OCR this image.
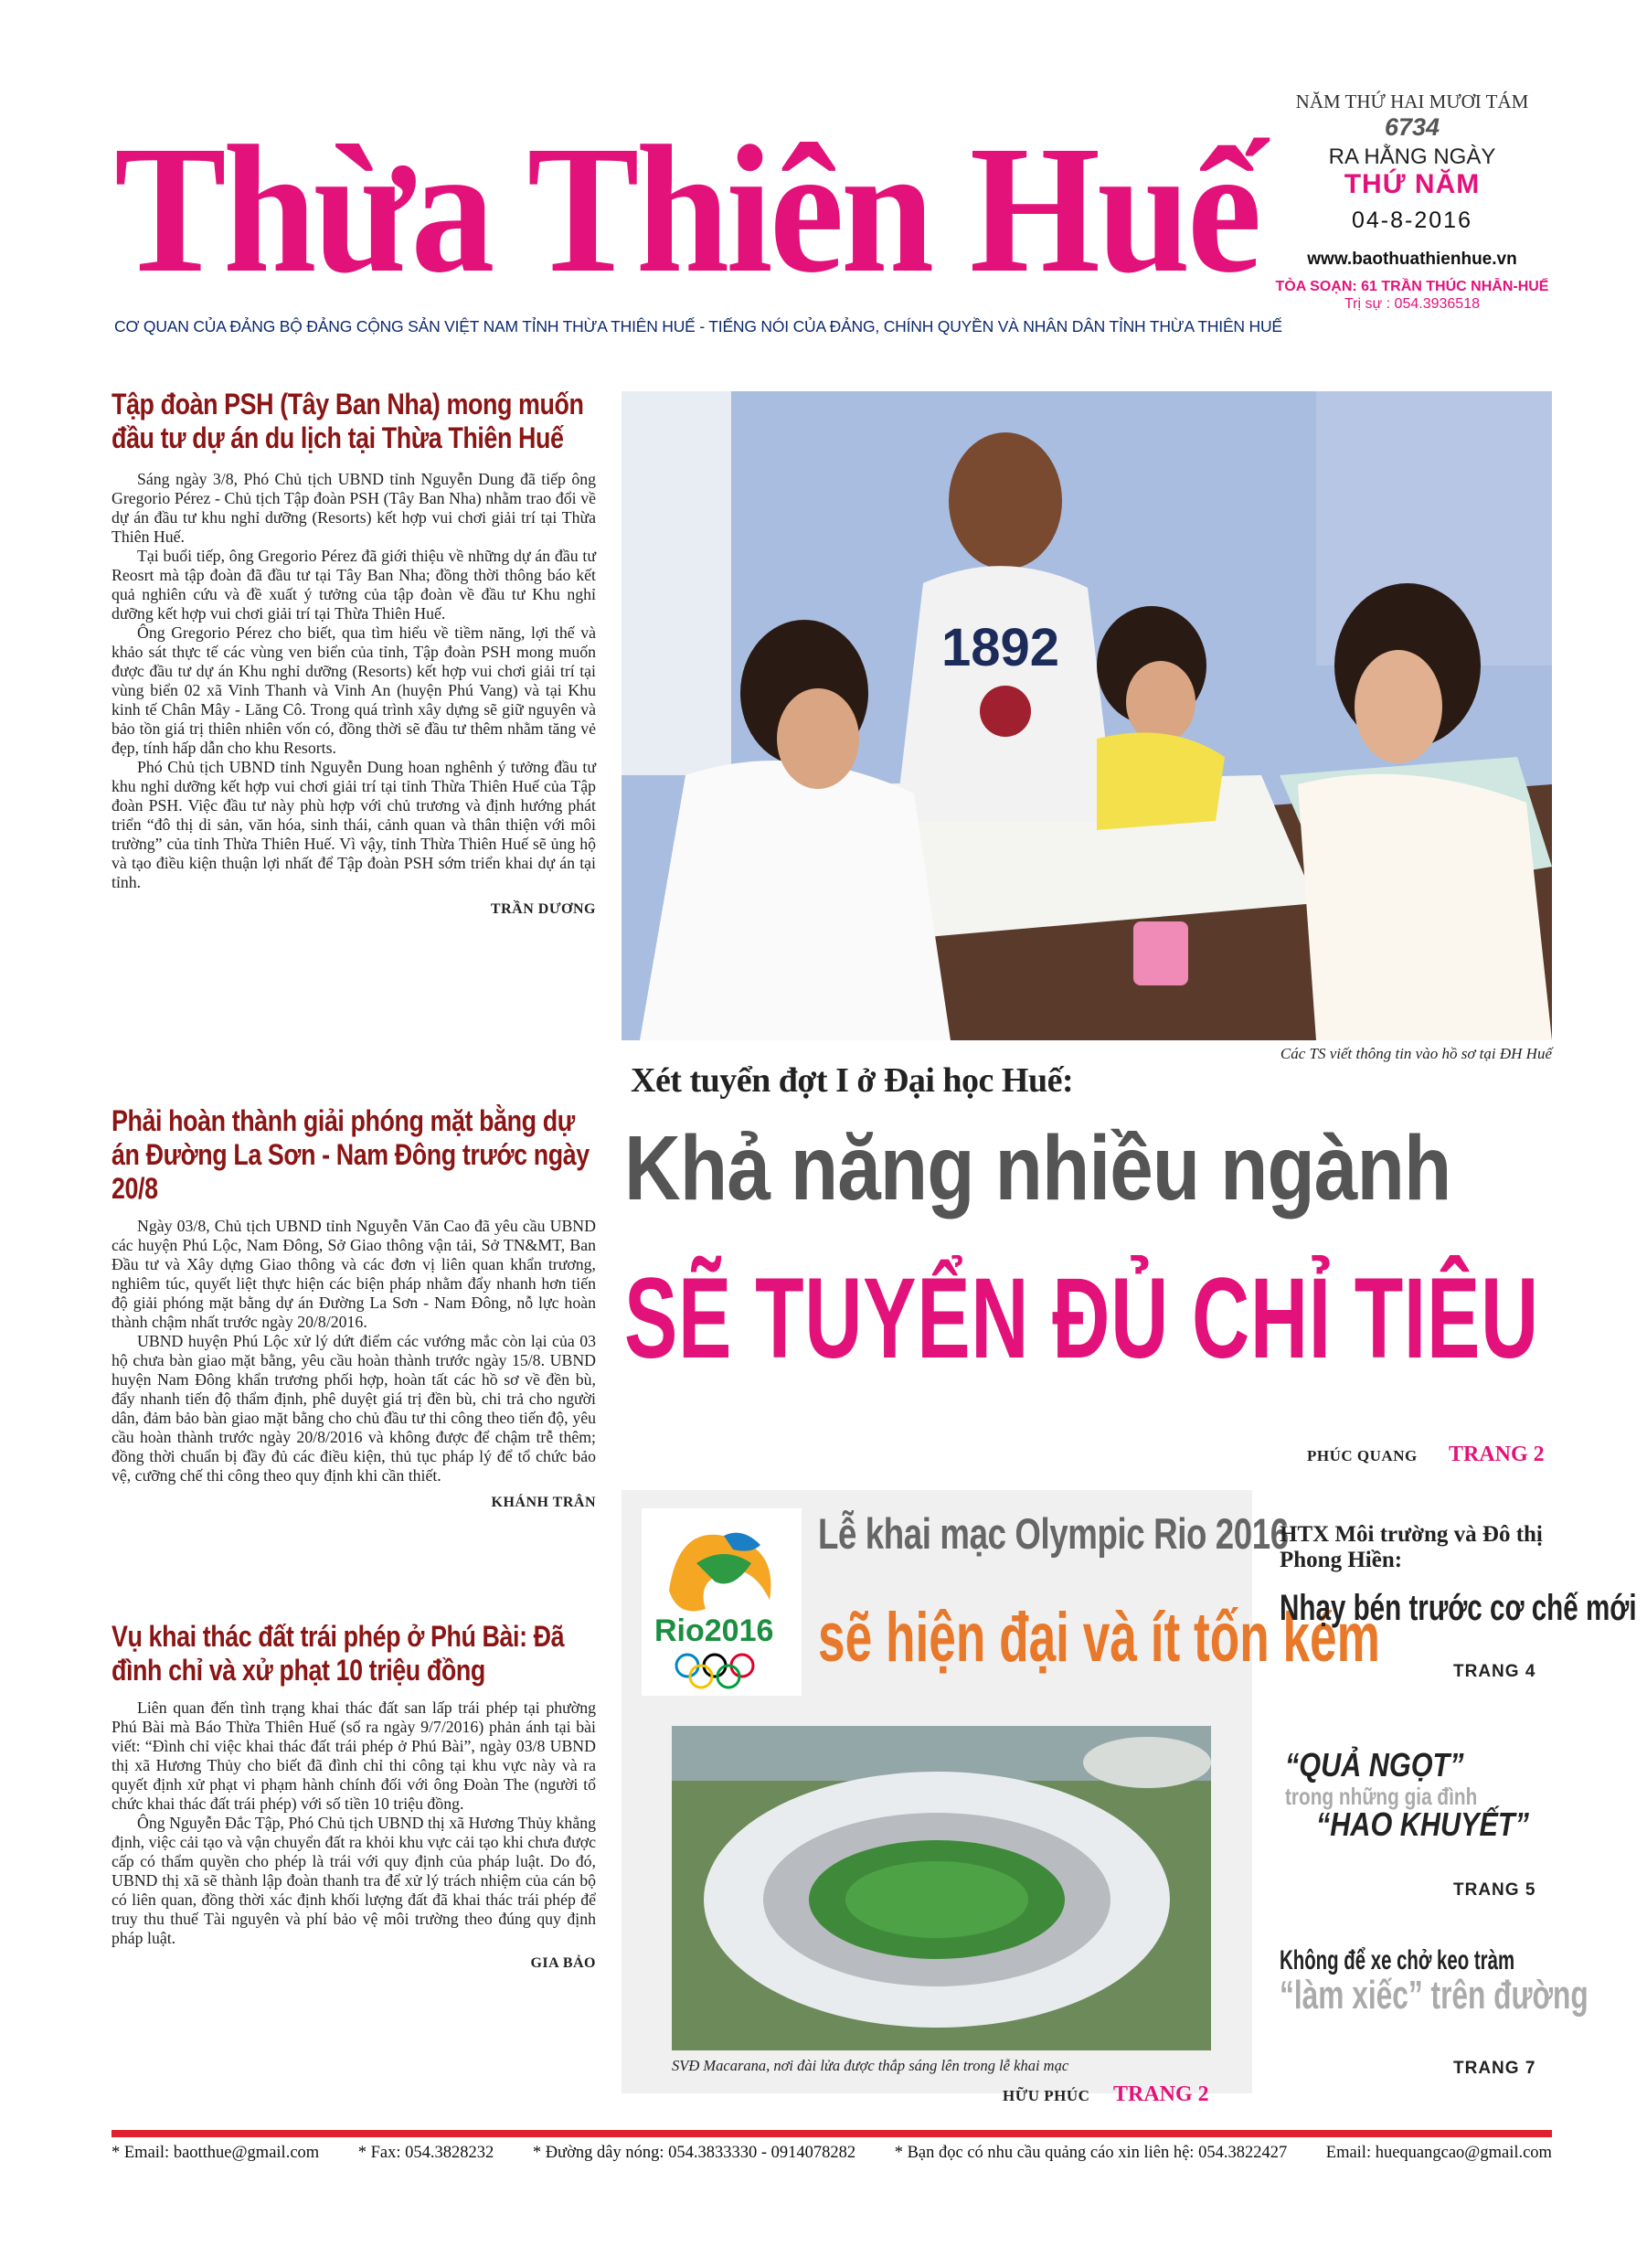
Thừa Thiên Huế
CƠ QUAN CỦA ĐẢNG BỘ ĐẢNG CỘNG SẢN VIỆT NAM TỈNH THỪA THIÊN HUẾ - TIẾNG NÓI CỦA ĐẢNG, CHÍNH QUYỀN VÀ NHÂN DÂN TỈNH THỪA THIÊN HUẾ
NĂM THỨ HAI MƯƠI TÁM
6734
RA HẰNG NGÀY
THỨ NĂM
04-8-2016
www.baothuathienhue.vn
TÒA SOẠN: 61 TRẦN THÚC NHẪN-HUẾ
Trị sự : 054.3936518
Tập đoàn PSH (Tây Ban Nha) mong muốn đầu tư dự án du lịch tại Thừa Thiên Huế

Sáng ngày 3/8, Phó Chủ tịch UBND tỉnh Nguyễn Dung đã tiếp ông Gregorio Pérez - Chủ tịch Tập đoàn PSH (Tây Ban Nha) nhằm trao đổi về dự án đầu tư khu nghỉ dưỡng (Resorts) kết hợp vui chơi giải trí tại Thừa Thiên Huế.

Tại buổi tiếp, ông Gregorio Pérez đã giới thiệu về những dự án đầu tư Reosrt mà tập đoàn đã đầu tư tại Tây Ban Nha; đồng thời thông báo kết quả nghiên cứu và đề xuất ý tưởng của tập đoàn về đầu tư Khu nghỉ dưỡng kết hợp vui chơi giải trí tại Thừa Thiên Huế.

Ông Gregorio Pérez cho biết, qua tìm hiểu về tiềm năng, lợi thế và khảo sát thực tế các vùng ven biển của tỉnh, Tập đoàn PSH mong muốn được đầu tư dự án Khu nghỉ dưỡng (Resorts) kết hợp vui chơi giải trí tại vùng biển 02 xã Vinh Thanh và Vinh An (huyện Phú Vang) và tại Khu kinh tế Chân Mây - Lăng Cô. Trong quá trình xây dựng sẽ giữ nguyên và bảo tồn giá trị thiên nhiên vốn có, đồng thời sẽ đầu tư thêm nhằm tăng vẻ đẹp, tính hấp dẫn cho khu Resorts.

Phó Chủ tịch UBND tỉnh Nguyễn Dung hoan nghênh ý tưởng đầu tư khu nghỉ dưỡng kết hợp vui chơi giải trí tại tỉnh Thừa Thiên Huế của Tập đoàn PSH. Việc đầu tư này phù hợp với chủ trương và định hướng phát triển “đô thị di sản, văn hóa, sinh thái, cảnh quan và thân thiện với môi trường” của tỉnh Thừa Thiên Huế. Vì vậy, tỉnh Thừa Thiên Huế sẽ ủng hộ và tạo điều kiện thuận lợi nhất để Tập đoàn PSH sớm triển khai dự án tại tỉnh.

TRẦN DƯƠNG
Phải hoàn thành giải phóng mặt bằng dự án Đường La Sơn - Nam Đông trước ngày 20/8

Ngày 03/8, Chủ tịch UBND tỉnh Nguyễn Văn Cao đã yêu cầu UBND các huyện Phú Lộc, Nam Đông, Sở Giao thông vận tải, Sở TN&MT, Ban Đầu tư và Xây dựng Giao thông và các đơn vị liên quan khẩn trương, nghiêm túc, quyết liệt thực hiện các biện pháp nhằm đẩy nhanh hơn tiến độ giải phóng mặt bằng dự án Đường La Sơn - Nam Đông, nỗ lực hoàn thành chậm nhất trước ngày 20/8/2016.

UBND huyện Phú Lộc xử lý dứt điểm các vướng mắc còn lại của 03 hộ chưa bàn giao mặt bằng, yêu cầu hoàn thành trước ngày 15/8. UBND huyện Nam Đông khẩn trương phối hợp, hoàn tất các hồ sơ về đền bù, đẩy nhanh tiến độ thẩm định, phê duyệt giá trị đền bù, chi trả cho người dân, đảm bảo bàn giao mặt bằng cho chủ đầu tư thi công theo tiến độ, yêu cầu hoàn thành trước ngày 20/8/2016 và không được để chậm trễ thêm; đồng thời chuẩn bị đầy đủ các điều kiện, thủ tục pháp lý để tổ chức bảo vệ, cưỡng chế thi công theo quy định khi cần thiết.

KHÁNH TRÂN
Vụ khai thác đất trái phép ở Phú Bài: Đã đình chỉ và xử phạt 10 triệu đồng

Liên quan đến tình trạng khai thác đất san lấp trái phép tại phường Phú Bài mà Báo Thừa Thiên Huế (số ra ngày 9/7/2016) phản ánh tại bài viết: “Đình chỉ việc khai thác đất trái phép ở Phú Bài”, ngày 03/8 UBND thị xã Hương Thủy cho biết đã đình chỉ thi công tại khu vực này và ra quyết định xử phạt vi phạm hành chính đối với ông Đoàn The (người tổ chức khai thác đất trái phép) với số tiền 10 triệu đồng.

Ông Nguyễn Đắc Tập, Phó Chủ tịch UBND thị xã Hương Thủy khẳng định, việc cải tạo và vận chuyển đất ra khỏi khu vực cải tạo khi chưa được cấp có thẩm quyền cho phép là trái với quy định của pháp luật. Do đó, UBND thị xã sẽ thành lập đoàn thanh tra để xử lý trách nhiệm của cán bộ có liên quan, đồng thời xác định khối lượng đất đã khai thác trái phép để truy thu thuế Tài nguyên và phí bảo vệ môi trường theo đúng quy định pháp luật.

GIA BẢO
1892
Các TS viết thông tin vào hồ sơ tại ĐH Huế
Xét tuyển đợt I ở Đại học Huế:
Khả năng nhiều ngành
SẼ TUYỂN ĐỦ CHỈ TIÊU
PHÚC QUANG TRANG 2
Rio2016
Lễ khai mạc Olympic Rio 2016
sẽ hiện đại và ít tốn kém
SVĐ Macarana, nơi đài lửa được thắp sáng lên trong lễ khai mạc
HỮU PHÚC TRANG 2
HTX Môi trường và Đô thị Phong Hiền:
Nhạy bén trước cơ chế mới
TRANG 4
“QUẢ NGỌT”
trong những gia đình
“HAO KHUYẾT”
TRANG 5
Không để xe chở keo tràm
“làm xiếc” trên đường
TRANG 7
* Email: baotthue@gmail.com * Fax: 054.3828232 * Đường dây nóng: 054.3833330 - 0914078282 * Bạn đọc có nhu cầu quảng cáo xin liên hệ: 054.3822427 Email: huequangcao@gmail.com
